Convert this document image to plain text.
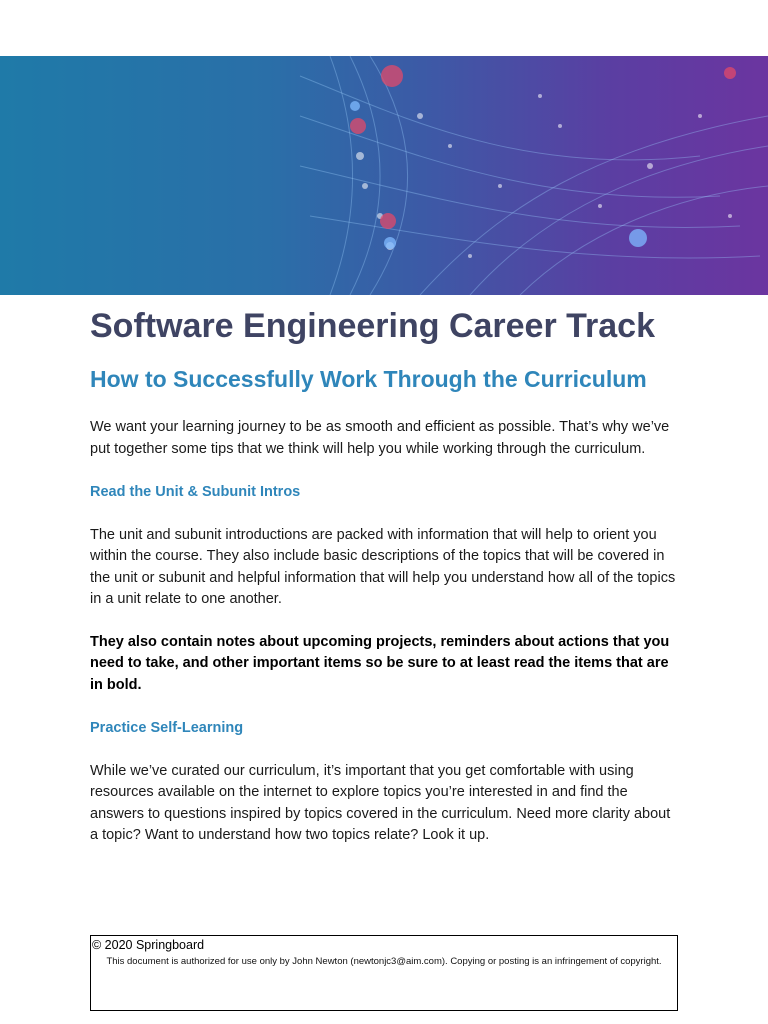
Software Engineering Career Track
How to Successfully Work Through the Curriculum

We want your learning journey to be as smooth and efficient as possible. That’s why we’ve put together some tips that we think will help you while working through the curriculum.

Read the Unit & Subunit Intros

The unit and subunit introductions are packed with information that will help to orient you within the course. They also include basic descriptions of the topics that will be covered in the unit or subunit and helpful information that will help you understand how all of the topics in a unit relate to one another.

They also contain notes about upcoming projects, reminders about actions that you need to take, and other important items so be sure to at least read the items that are in bold.

Practice Self-Learning

While we’ve curated our curriculum, it’s important that you get comfortable with using resources available on the internet to explore topics you’re interested in and find the answers to questions inspired by topics covered in the curriculum. Need more clarity about a topic? Want to understand how two topics relate? Look it up.

© 2020 Springboard
This document is authorized for use only by John Newton (newtonjc3@aim.com). Copying or posting is an infringement of copyright.
